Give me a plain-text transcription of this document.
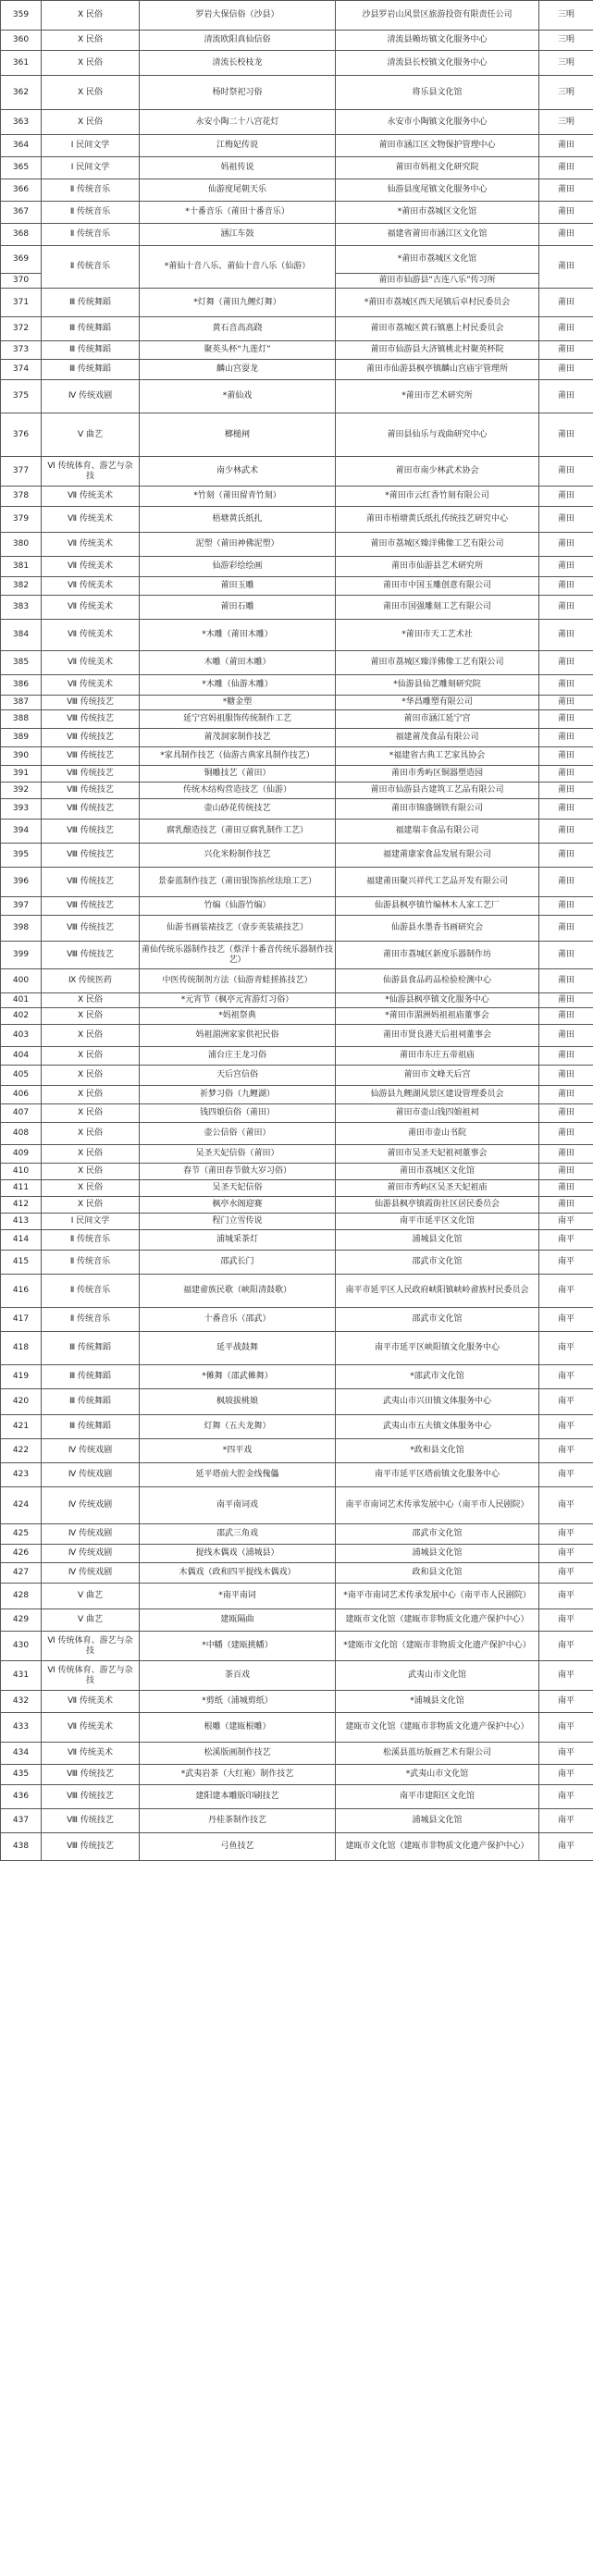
359	Ⅹ 民俗	罗岩大保信俗（沙县）	沙县罗岩山风景区旅游投资有限责任公司	三明
360	Ⅹ 民俗	清流欧阳真仙信俗	清流县赖坊镇文化服务中心	三明
361	Ⅹ 民俗	清流长校枝龙	清流县长校镇文化服务中心	三明
362	Ⅹ 民俗	杨时祭祀习俗	将乐县文化馆	三明
363	Ⅹ 民俗	永安小陶二十八宫花灯	永安市小陶镇文化服务中心	三明
364	Ⅰ 民间文学	江梅妃传说	莆田市涵江区文物保护管理中心	莆田
365	Ⅰ 民间文学	妈祖传说	莆田市妈祖文化研究院	莆田
366	Ⅱ 传统音乐	仙游度尾朝天乐	仙游县度尾镇文化服务中心	莆田
367	Ⅱ 传统音乐	*十番音乐（莆田十番音乐）	*莆田市荔城区文化馆	莆田
368	Ⅱ 传统音乐	涵江车鼓	福建省莆田市涵江区文化馆	莆田
369	Ⅱ 传统音乐	*莆仙十音八乐、莆仙十音八乐（仙游）	*莆田市荔城区文化馆	莆田
370			莆田市仙游县“古连八乐”传习所	
371	Ⅲ 传统舞蹈	*灯舞（莆田九鲤灯舞）	*莆田市荔城区西天尾镇后卓村民委员会	莆田
372	Ⅲ 传统舞蹈	黄石音高高跷	莆田市荔城区黄石镇惠上村民委员会	莆田
373	Ⅲ 传统舞蹈	聚英头杯“九莲灯”	莆田市仙游县大济镇桃北村聚英杯院	莆田
374	Ⅲ 传统舞蹈	麟山宫耍龙	莆田市仙游县枫亭镇麟山宫庙宇管理所	莆田
375	Ⅳ 传统戏剧	*莆仙戏	*莆田市艺术研究所	莆田
376	Ⅴ 曲艺	榔槌闸	莆田县仙乐与戏曲研究中心	莆田
377	Ⅵ 传统体育、游艺与杂技	南少林武术	莆田市南少林武术协会	莆田
378	Ⅶ 传统美术	*竹刻（莆田留青竹刻）	*莆田市云红香竹刻有限公司	莆田
379	Ⅶ 传统美术	梧塘黄氏纸扎	莆田市梧塘黄氏纸扎传统技艺研究中心	莆田
380	Ⅶ 传统美术	泥塑（莆田神佛泥塑）	莆田市荔城区臻洋佛像工艺有限公司	莆田
381	Ⅶ 传统美术	仙游彩绘绘画	莆田市仙游县艺术研究所	莆田
382	Ⅶ 传统美术	莆田玉雕	莆田市中国玉雕创意有限公司	莆田
383	Ⅶ 传统美术	莆田石雕	莆田市国强雕刻工艺有限公司	莆田
384	Ⅶ 传统美术	*木雕（莆田木雕）	*莆田市天工艺术社	莆田
385	Ⅶ 传统美术	木雕（莆田木雕）	莆田市荔城区臻洋佛像工艺有限公司	莆田
386	Ⅶ 传统美术	*木雕（仙游木雕）	*仙游县仙艺雕刻研究院	莆田
387	Ⅷ 传统技艺	*糖金塑	*华昌雕塑有限公司	莆田
388	Ⅷ 传统技艺	延宁宫妈祖服饰传统制作工艺	莆田市涵江延宁宫	莆田
389	Ⅷ 传统技艺	莆茂洞家制作技艺	福建莆茂食品有限公司	莆田
390	Ⅷ 传统技艺	*家具制作技艺（仙游古典家具制作技艺）	*福建省古典工艺家具协会	莆田
391	Ⅷ 传统技艺	铜雕技艺（莆田）	莆田市秀屿区铜器塑造园	莆田
392	Ⅷ 传统技艺	传统木结构营造技艺（仙游）	莆田市仙游县古建筑工艺品有限公司	莆田
393	Ⅷ 传统技艺	壶山砂花传统技艺	莆田市锦盛钢铁有限公司	莆田
394	Ⅷ 传统技艺	腐乳酿造技艺（莆田豆腐乳制作工艺）	福建瑞丰食品有限公司	莆田
395	Ⅷ 传统技艺	兴化米粉制作技艺	福建莆康家食品发展有限公司	莆田
396	Ⅷ 传统技艺	景泰蓝制作技艺（莆田银饰掐丝珐琅工艺）	福建莆田聚兴祥代工艺品开发有限公司	莆田
397	Ⅷ 传统技艺	竹编（仙游竹编）	仙游县枫亭镇竹编林木人家工艺厂	莆田
398	Ⅷ 传统技艺	仙游书画装裱技艺（壹步英装裱技艺）	仙游县水墨香书画研究会	莆田
399	Ⅷ 传统技艺	莆仙传统乐器制作技艺（蔡洋十番音传统乐器制作技艺）	莆田市荔城区新度乐器制作坊	莆田
400	Ⅸ 传统医药	中医传统制剂方法（仙游青蛙搓拣技艺）	仙游县食品药品检验检测中心	莆田
401	Ⅹ 民俗	*元宵节（枫亭元宵游灯习俗）	*仙游县枫亭镇文化服务中心	莆田
402	Ⅹ 民俗	*妈祖祭典	*莆田市湄洲妈祖祖庙董事会	莆田
403	Ⅹ 民俗	妈祖湄洲家家供祀民俗	莆田市贤良港天后祖祠董事会	莆田
404	Ⅹ 民俗	浦台庄王龙习俗	莆田市东庄五帝祖庙	莆田
405	Ⅹ 民俗	天后宫信俗	莆田市文峰天后宫	莆田
406	Ⅹ 民俗	祈梦习俗（九鲤湖）	仙游县九鲤湖风景区建设管理委员会	莆田
407	Ⅹ 民俗	钱四娘信俗（莆田）	莆田市壶山钱四娘祖祠	莆田
408	Ⅹ 民俗	壶公信俗（莆田）	莆田市壶山书院	莆田
409	Ⅹ 民俗	吴圣天妃信俗（莆田）	莆田市吴圣天妃祖祠董事会	莆田
410	Ⅹ 民俗	春节（莆田春节做大岁习俗）	莆田市荔城区文化馆	莆田
411	Ⅹ 民俗	吴圣天妃信俗	莆田市秀屿区吴圣天妃祖庙	莆田
412	Ⅹ 民俗	枫亭水阁迎赛	仙游县枫亭镇霞街社区居民委员会	莆田
413	Ⅰ 民间文学	程门立雪传说	南平市延平区文化馆	南平
414	Ⅱ 传统音乐	浦城采茶灯	浦城县文化馆	南平
415	Ⅱ 传统音乐	邵武长门	邵武市文化馆	南平
416	Ⅱ 传统音乐	福建畲族民歌（峡阳清鼓歌）	南平市延平区人民政府峡阳镇峡岭畲族村民委员会	南平
417	Ⅱ 传统音乐	十番音乐（邵武）	邵武市文化馆	南平
418	Ⅲ 传统舞蹈	延平战鼓舞	南平市延平区峡阳镇文化服务中心	南平
419	Ⅲ 传统舞蹈	*傩舞（邵武傩舞）	*邵武市文化馆	南平
420	Ⅲ 传统舞蹈	枫坡拔桃娘	武夷山市兴田镇文体服务中心	南平
421	Ⅲ 传统舞蹈	灯舞（五夫龙舞）	武夷山市五夫镇文体服务中心	南平
422	Ⅳ 传统戏剧	*四平戏	*政和县文化馆	南平
423	Ⅳ 传统戏剧	延平塔前大腔金线傀儡	南平市延平区塔前镇文化服务中心	南平
424	Ⅳ 传统戏剧	南平南词戏	南平市南词艺术传承发展中心（南平市人民剧院）	南平
425	Ⅳ 传统戏剧	邵武三角戏	邵武市文化馆	南平
426	Ⅳ 传统戏剧	提线木偶戏（浦城县）	浦城县文化馆	南平
427	Ⅳ 传统戏剧	木偶戏（政和四平提线木偶戏）	政和县文化馆	南平
428	Ⅴ 曲艺	*南平南词	*南平市南词艺术传承发展中心（南平市人民剧院）	南平
429	Ⅴ 曲艺	建瓯隔曲	建瓯市文化馆（建瓯市非物质文化遗产保护中心）	南平
430	Ⅵ 传统体育、游艺与杂技	*中幡（建瓯挑幡）	*建瓯市文化馆（建瓯市非物质文化遗产保护中心）	南平
431	Ⅵ 传统体育、游艺与杂技	茶百戏	武夷山市文化馆	南平
432	Ⅶ 传统美术	*剪纸（浦城剪纸）	*浦城县文化馆	南平
433	Ⅶ 传统美术	根雕（建瓯根雕）	建瓯市文化馆（建瓯市非物质文化遗产保护中心）	南平
434	Ⅶ 传统美术	松溪版画制作技艺	松溪县蓝坊版画艺术有限公司	南平
435	Ⅷ 传统技艺	*武夷岩茶（大红袍）制作技艺	*武夷山市文化馆	南平
436	Ⅷ 传统技艺	建阳建本雕版印刷技艺	南平市建阳区文化馆	南平
437	Ⅷ 传统技艺	丹桂茶制作技艺	浦城县文化馆	南平
438	Ⅷ 传统技艺	弓鱼技艺	建瓯市文化馆（建瓯市非物质文化遗产保护中心）	南平
